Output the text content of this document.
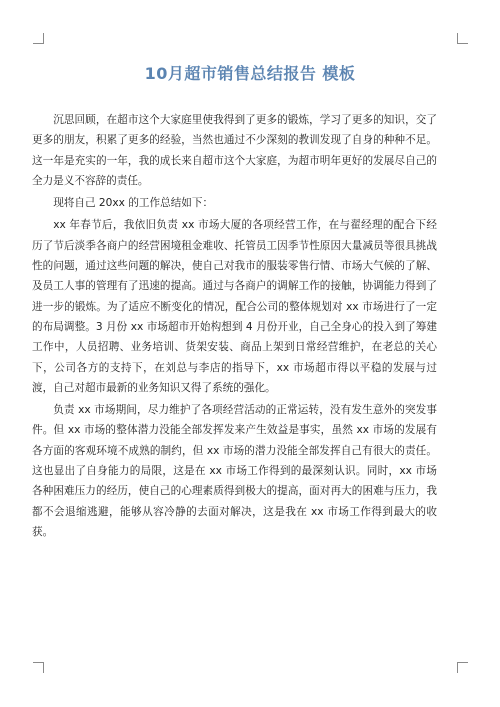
10月超市销售总结报告 模板

沉思回顾，在超市这个大家庭里使我得到了更多的锻炼，学习了更多的知识，交了更多的朋友，积累了更多的经验，当然也通过不少深刻的教训发现了自身的种种不足。这一年是充实的一年，我的成长来自超市这个大家庭，为超市明年更好的发展尽自己的全力是义不容辞的责任。

现将自己 20xx 的工作总结如下：

xx 年春节后，我依旧负责 xx 市场大厦的各项经营工作，在与翟经理的配合下经历了节后淡季各商户的经营困境租金难收、托管员工因季节性原因大量减员等很具挑战性的问题，通过这些问题的解决，使自己对我市的服装零售行情、市场大气候的了解、及员工人事的管理有了迅速的提高。通过与各商户的调解工作的接触，协调能力得到了进一步的锻炼。为了适应不断变化的情况，配合公司的整体规划对 xx 市场进行了一定的布局调整。3 月份 xx 市场超市开始构想到 4 月份开业，自己全身心的投入到了筹建工作中，人员招聘、业务培训、货架安装、商品上架到日常经营维护，在老总的关心下，公司各方的支持下，在刘总与李店的指导下，xx 市场超市得以平稳的发展与过渡，自己对超市最新的业务知识又得了系统的强化。

负责 xx 市场期间，尽力维护了各项经营活动的正常运转，没有发生意外的突发事件。但 xx 市场的整体潜力没能全部发挥发来产生效益是事实，虽然 xx 市场的发展有各方面的客观环境不成熟的制约，但 xx 市场的潜力没能全部发挥自己有很大的责任。这也显出了自身能力的局限，这是在 xx 市场工作得到的最深刻认识。同时，xx 市场各种困难压力的经历，使自己的心理素质得到极大的提高，面对再大的困难与压力，我都不会退缩逃避，能够从容冷静的去面对解决，这是我在 xx 市场工作得到最大的收获。
